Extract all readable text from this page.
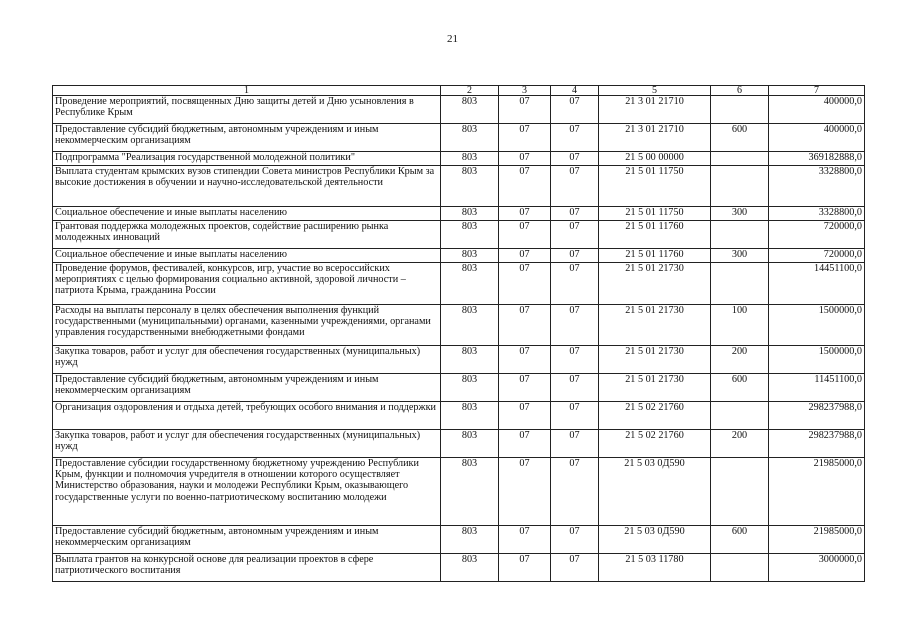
21
1	2	3	4	5	6	7
Проведение мероприятий, посвященных Дню защиты детей и Дню усыновления в Республике Крым	803	07	07	21 3 01 21710		400000,0
Предоставление субсидий бюджетным, автономным учреждениям и иным некоммерческим организациям	803	07	07	21 3 01 21710	600	400000,0
Подпрограмма "Реализация государственной молодежной политики"	803	07	07	21 5 00 00000		369182888,0
Выплата студентам крымских вузов стипендии Совета министров Республики Крым за высокие достижения в обучении и научно-исследовательской деятельности	803	07	07	21 5 01 11750		3328800,0
Социальное обеспечение и иные выплаты населению	803	07	07	21 5 01 11750	300	3328800,0
Грантовая поддержка молодежных проектов, содействие расширению рынка молодежных инноваций	803	07	07	21 5 01 11760		720000,0
Социальное обеспечение и иные выплаты населению	803	07	07	21 5 01 11760	300	720000,0
Проведение форумов, фестивалей, конкурсов, игр, участие во всероссийских мероприятиях с целью формирования социально активной, здоровой личности – патриота Крыма, гражданина России	803	07	07	21 5 01 21730		14451100,0
Расходы на выплаты персоналу в целях обеспечения выполнения функций государственными (муниципальными) органами, казенными учреждениями, органами управления государственными внебюджетными фондами	803	07	07	21 5 01 21730	100	1500000,0
Закупка товаров, работ и услуг для обеспечения государственных (муниципальных) нужд	803	07	07	21 5 01 21730	200	1500000,0
Предоставление субсидий бюджетным, автономным учреждениям и иным некоммерческим организациям	803	07	07	21 5 01 21730	600	11451100,0
Организация оздоровления и отдыха детей, требующих особого внимания и поддержки	803	07	07	21 5 02 21760		298237988,0
Закупка товаров, работ и услуг для обеспечения государственных (муниципальных) нужд	803	07	07	21 5 02 21760	200	298237988,0
Предоставление субсидии государственному бюджетному учреждению Республики Крым, функции и полномочия учредителя в отношении которого осуществляет Министерство образования, науки и молодежи Республики Крым, оказывающего государственные услуги по военно-патриотическому воспитанию молодежи	803	07	07	21 5 03 0Д590		21985000,0
Предоставление субсидий бюджетным, автономным учреждениям и иным некоммерческим организациям	803	07	07	21 5 03 0Д590	600	21985000,0
Выплата грантов на конкурсной основе для реализации проектов в сфере патриотического воспитания	803	07	07	21 5 03 11780		3000000,0
